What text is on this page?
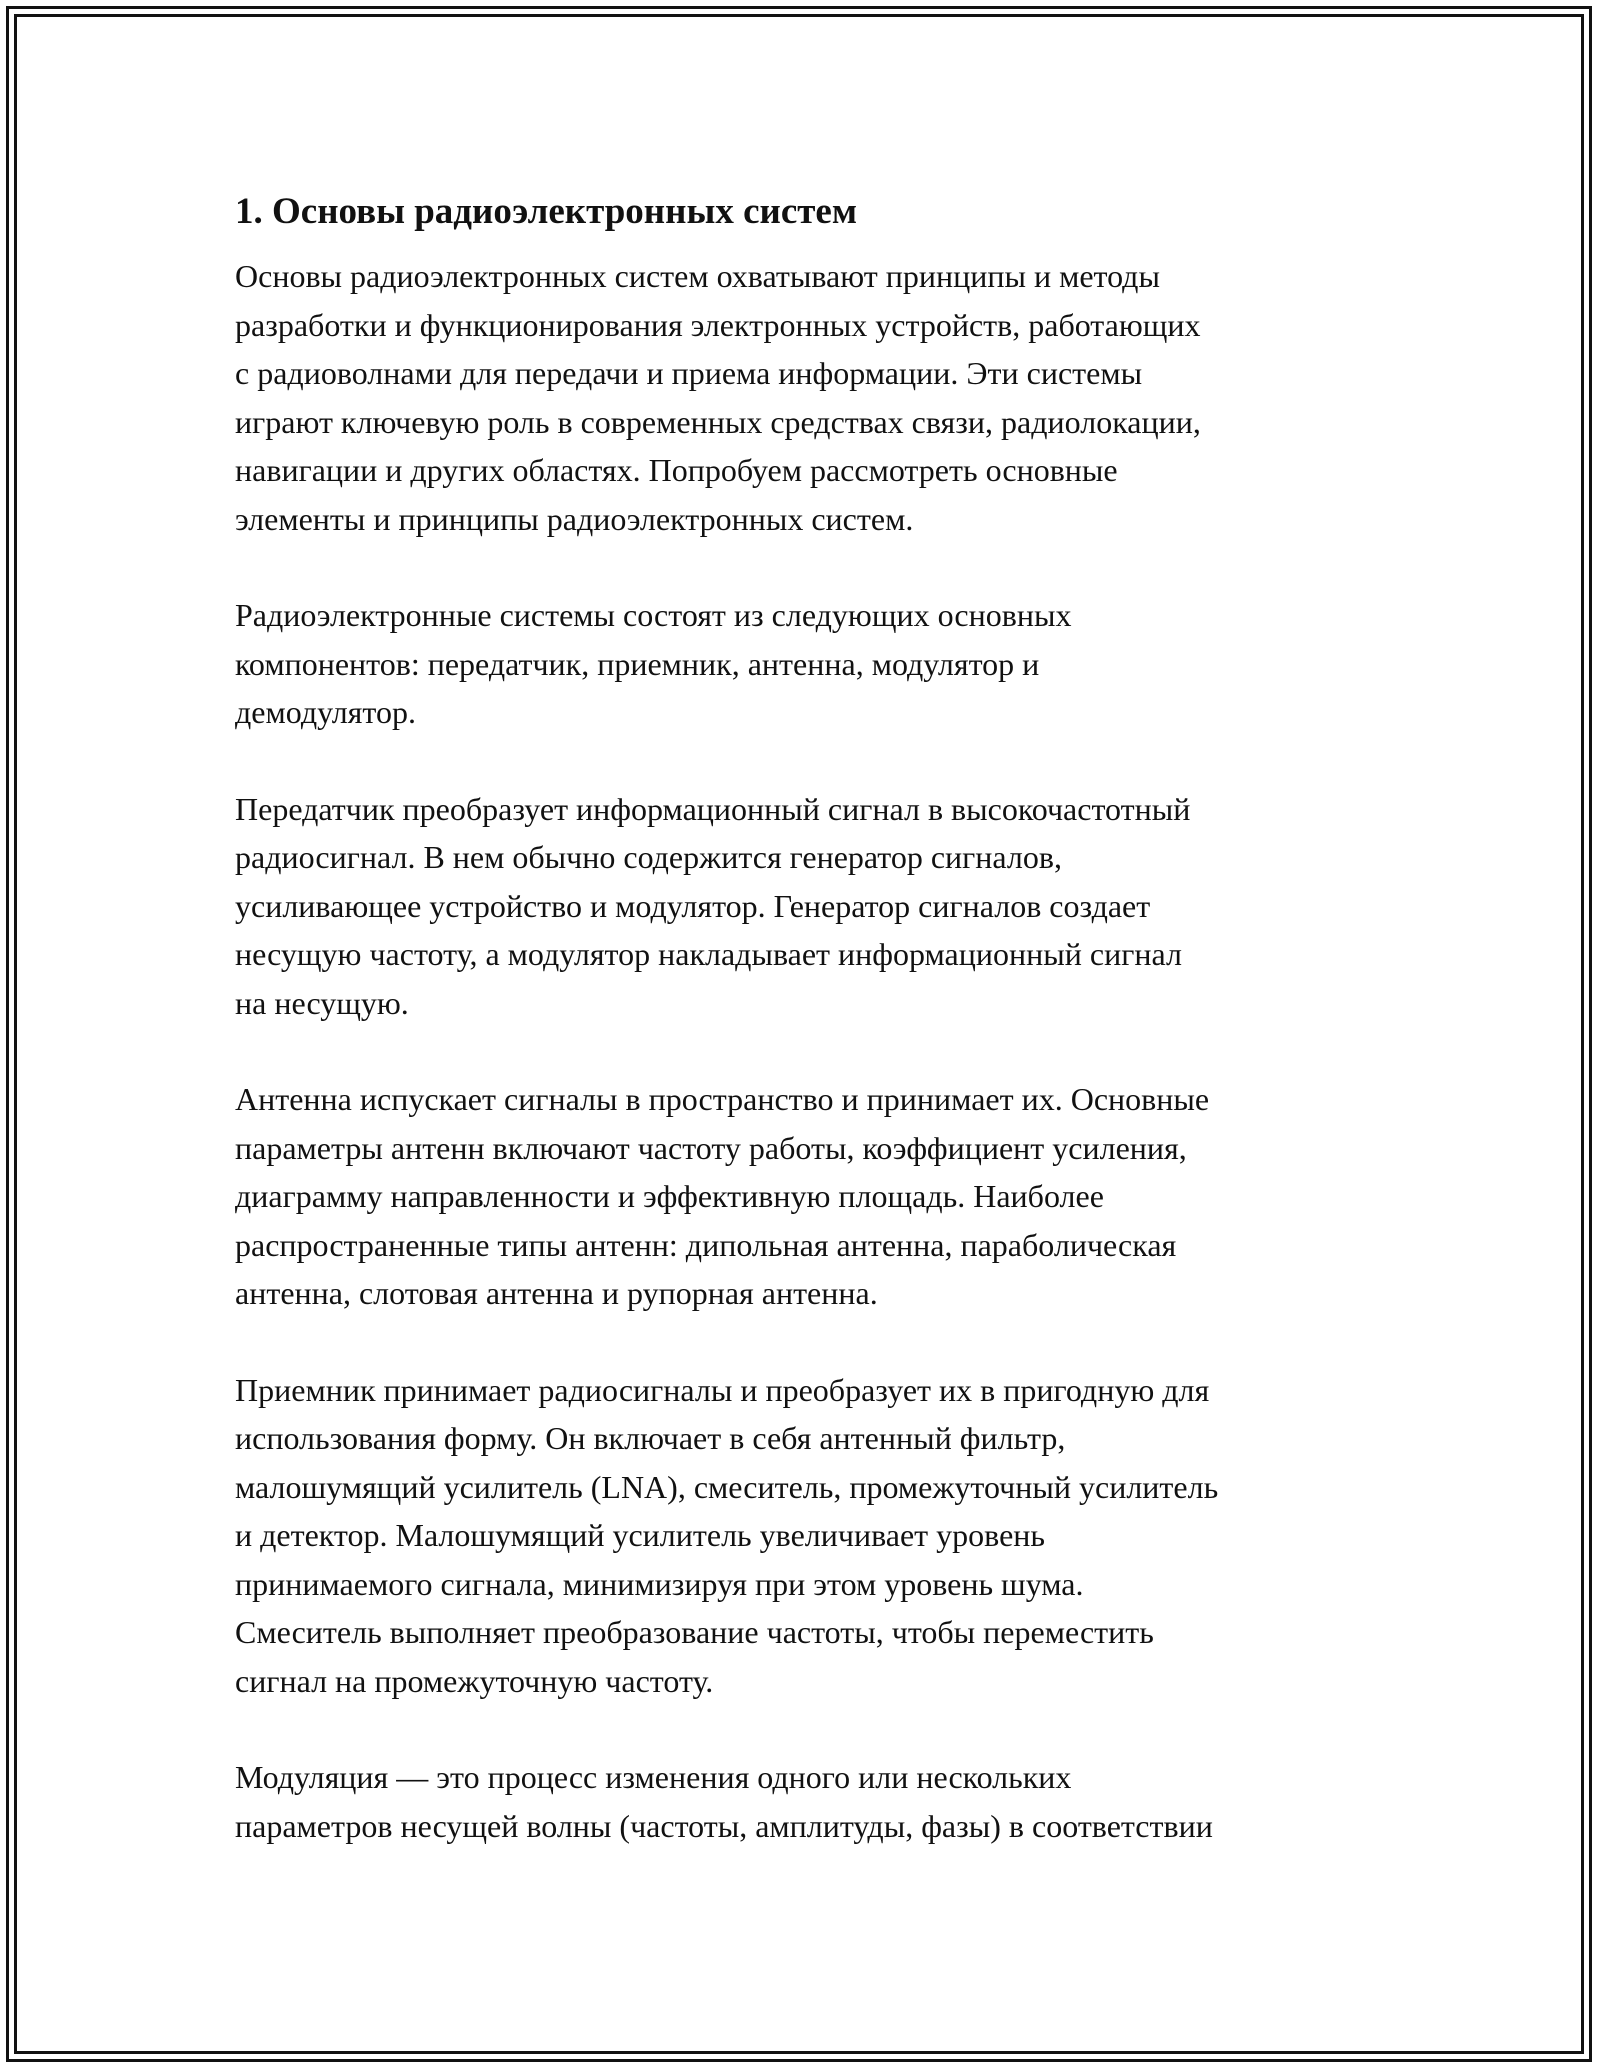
1. Основы радиоэлектронных систем
Основы радиоэлектронных систем охватывают принципы и методы
разработки и функционирования электронных устройств, работающих
с радиоволнами для передачи и приема информации. Эти системы
играют ключевую роль в современных средствах связи, радиолокации,
навигации и других областях. Попробуем рассмотреть основные
элементы и принципы радиоэлектронных систем.
Радиоэлектронные системы состоят из следующих основных
компонентов: передатчик, приемник, антенна, модулятор и
демодулятор.
Передатчик преобразует информационный сигнал в высокочастотный
радиосигнал. В нем обычно содержится генератор сигналов,
усиливающее устройство и модулятор. Генератор сигналов создает
несущую частоту, а модулятор накладывает информационный сигнал
на несущую.
Антенна испускает сигналы в пространство и принимает их. Основные
параметры антенн включают частоту работы, коэффициент усиления,
диаграмму направленности и эффективную площадь. Наиболее
распространенные типы антенн: дипольная антенна, параболическая
антенна, слотовая антенна и рупорная антенна.
Приемник принимает радиосигналы и преобразует их в пригодную для
использования форму. Он включает в себя антенный фильтр,
малошумящий усилитель (LNA), смеситель, промежуточный усилитель
и детектор. Малошумящий усилитель увеличивает уровень
принимаемого сигнала, минимизируя при этом уровень шума.
Смеситель выполняет преобразование частоты, чтобы переместить
сигнал на промежуточную частоту.
Модуляция — это процесс изменения одного или нескольких
параметров несущей волны (частоты, амплитуды, фазы) в соответствии
